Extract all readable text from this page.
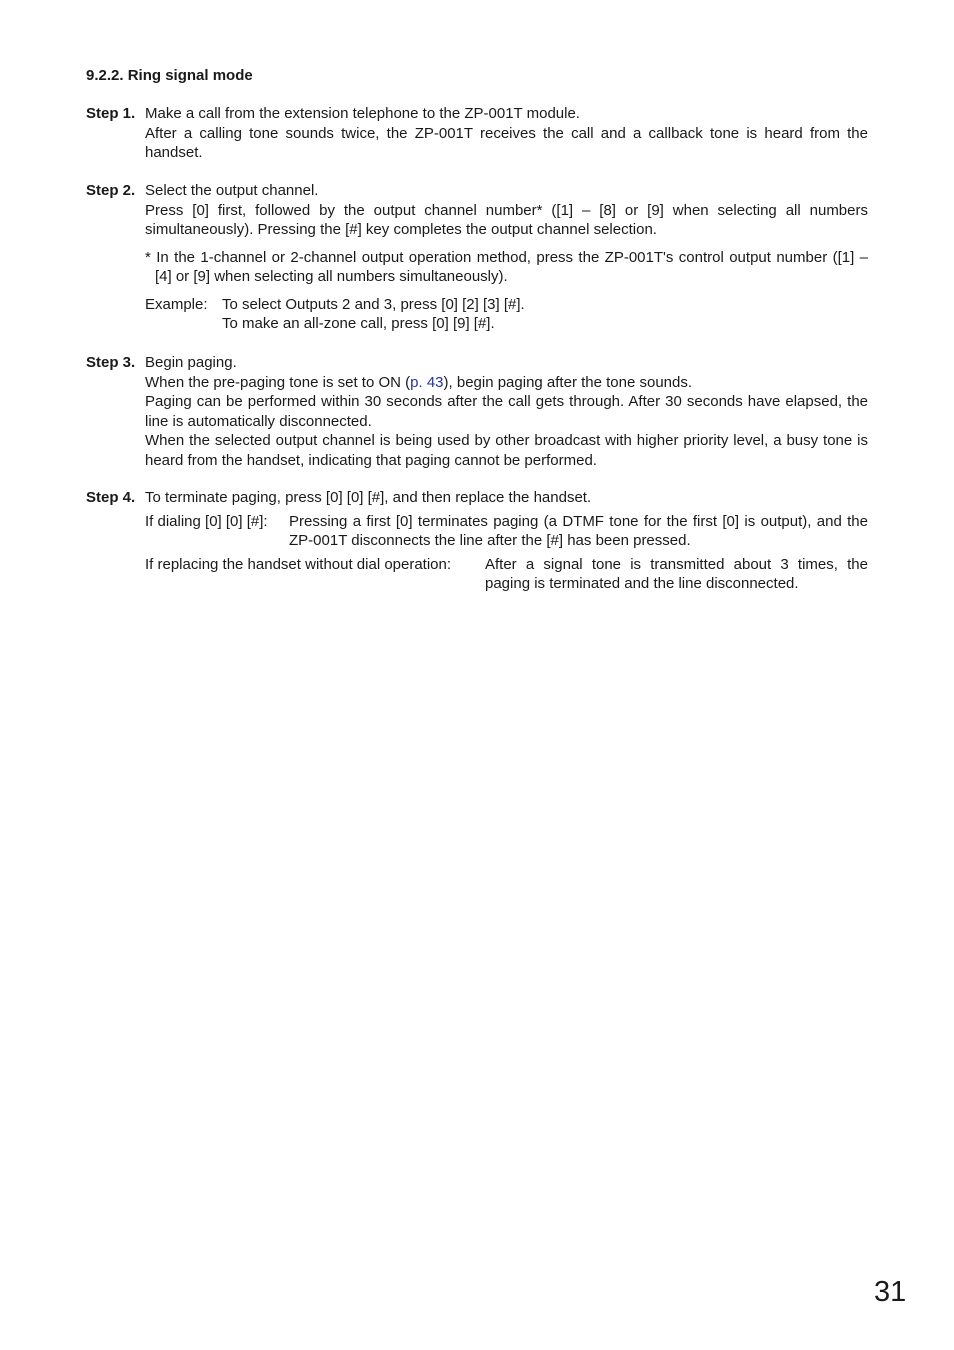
9.2.2. Ring signal mode
Step 1. Make a call from the extension telephone to the ZP-001T module.

After a calling tone sounds twice, the ZP-001T receives the call and a callback tone is heard from the handset.

Step 2. Select the output channel.

Press [0] first, followed by the output channel number* ([1] – [8] or [9] when selecting all numbers simultaneously). Pressing the [#] key completes the output channel selection.

* In the 1-channel or 2-channel output operation method, press the ZP-001T's control output number ([1] – [4] or [9] when selecting all numbers simultaneously).

Example: To select Outputs 2 and 3, press [0] [2] [3] [#].

To make an all-zone call, press [0] [9] [#].

Step 3. Begin paging.

When the pre-paging tone is set to ON (p. 43), begin paging after the tone sounds.

Paging can be performed within 30 seconds after the call gets through. After 30 seconds have elapsed, the line is automatically disconnected.

When the selected output channel is being used by other broadcast with higher priority level, a busy tone is heard from the handset, indicating that paging cannot be performed.

Step 4. To terminate paging, press [0] [0] [#], and then replace the handset.

If dialing [0] [0] [#]:	Pressing a first [0] terminates paging (a DTMF tone for the first [0] is output), and the ZP-001T disconnects the line after the [#] has been pressed.
If replacing the handset without dial operation:	After a signal tone is transmitted about 3 times, the paging is terminated and the line disconnected.
31
